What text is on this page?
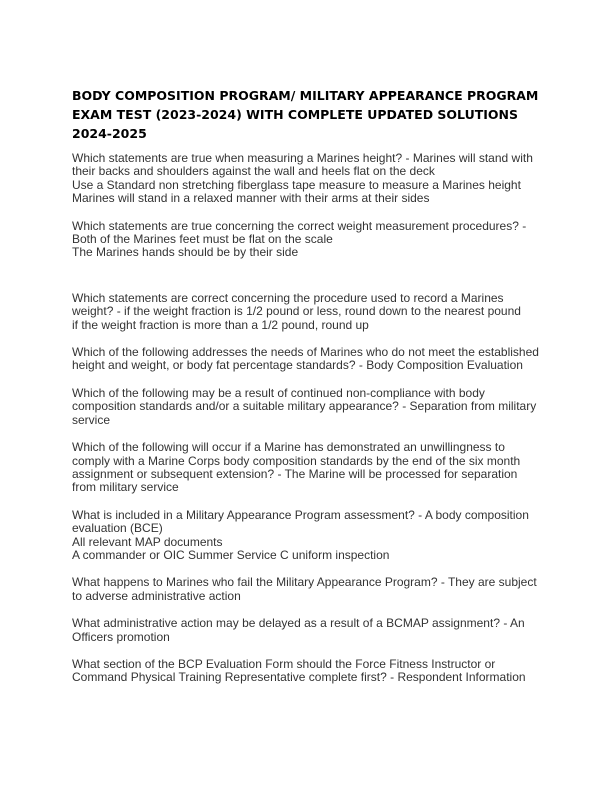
BODY COMPOSITION PROGRAM/ MILITARY APPEARANCE PROGRAM EXAM TEST (2023-2024) WITH COMPLETE UPDATED SOLUTIONS 2024-2025
Which statements are true when measuring a Marines height? - Marines will stand with their backs and shoulders against the wall and heels flat on the deck
Use a Standard non stretching fiberglass tape measure to measure a Marines height
Marines will stand in a relaxed manner with their arms at their sides
Which statements are true concerning the correct weight measurement procedures? - Both of the Marines feet must be flat on the scale
The Marines hands should be by their side
Which statements are correct concerning the procedure used to record a Marines weight? - if the weight fraction is 1/2 pound or less, round down to the nearest pound
if the weight fraction is more than a 1/2 pound, round up
Which of the following addresses the needs of Marines who do not meet the established height and weight, or body fat percentage standards? - Body Composition Evaluation
Which of the following may be a result of continued non-compliance with body composition standards and/or a suitable military appearance? - Separation from military service
Which of the following will occur if a Marine has demonstrated an unwillingness to comply with a Marine Corps body composition standards by the end of the six month assignment or subsequent extension? - The Marine will be processed for separation from military service
What is included in a Military Appearance Program assessment? - A body composition evaluation (BCE)
All relevant MAP documents
A commander or OIC Summer Service C uniform inspection
What happens to Marines who fail the Military Appearance Program? - They are subject to adverse administrative action
What administrative action may be delayed as a result of a BCMAP assignment? - An Officers promotion
What section of the BCP Evaluation Form should the Force Fitness Instructor or Command Physical Training Representative complete first? - Respondent Information
